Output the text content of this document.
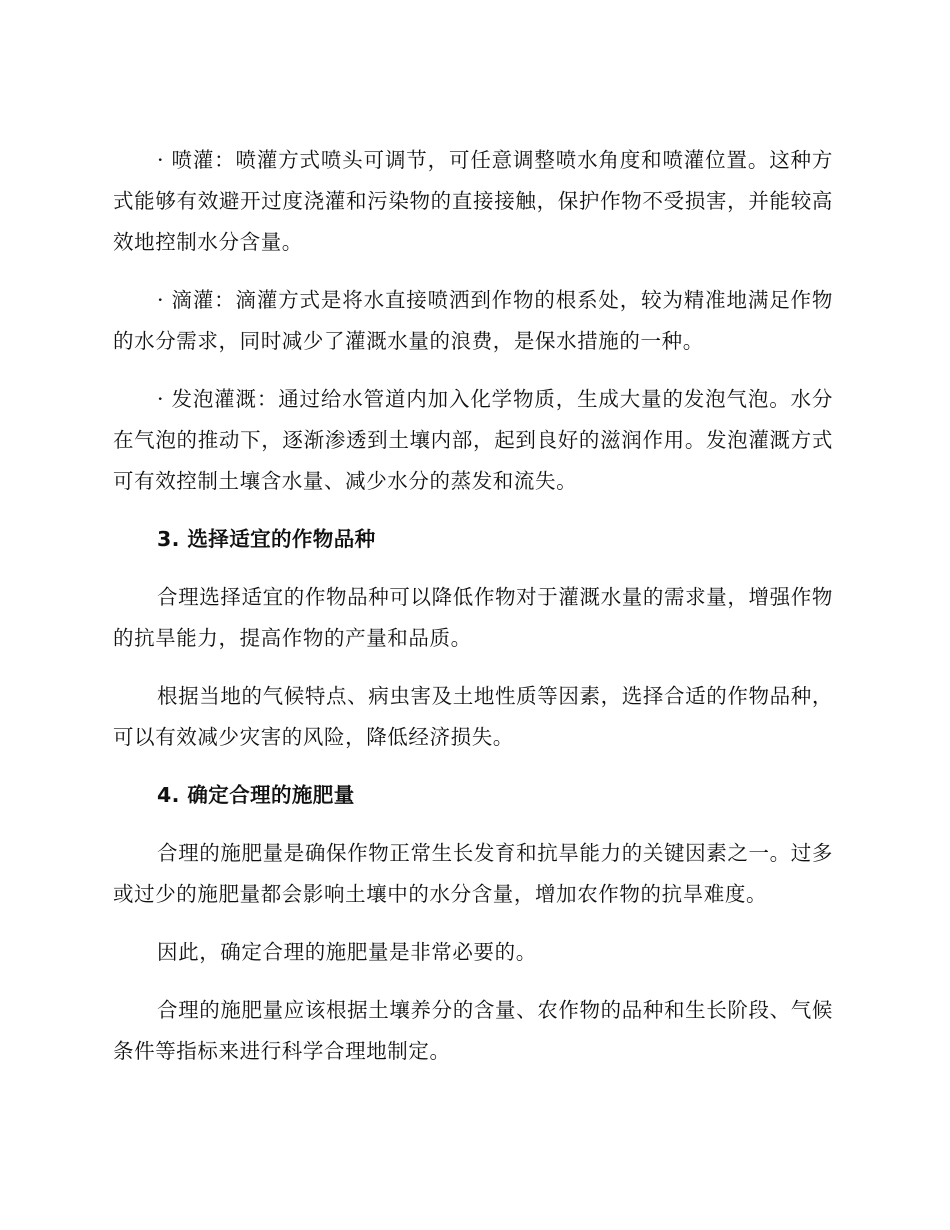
· 喷灌：喷灌方式喷头可调节，可任意调整喷水角度和喷灌位置。这种方式能够有效避开过度浇灌和污染物的直接接触，保护作物不受损害，并能较高效地控制水分含量。

· 滴灌：滴灌方式是将水直接喷洒到作物的根系处，较为精准地满足作物的水分需求，同时减少了灌溉水量的浪费，是保水措施的一种。

· 发泡灌溉：通过给水管道内加入化学物质，生成大量的发泡气泡。水分在气泡的推动下，逐渐渗透到土壤内部，起到良好的滋润作用。发泡灌溉方式可有效控制土壤含水量、减少水分的蒸发和流失。

3. 选择适宜的作物品种

合理选择适宜的作物品种可以降低作物对于灌溉水量的需求量，增强作物的抗旱能力，提高作物的产量和品质。

根据当地的气候特点、病虫害及土地性质等因素，选择合适的作物品种，可以有效减少灾害的风险，降低经济损失。

4. 确定合理的施肥量

合理的施肥量是确保作物正常生长发育和抗旱能力的关键因素之一。过多或过少的施肥量都会影响土壤中的水分含量，增加农作物的抗旱难度。

因此，确定合理的施肥量是非常必要的。

合理的施肥量应该根据土壤养分的含量、农作物的品种和生长阶段、气候条件等指标来进行科学合理地制定。
